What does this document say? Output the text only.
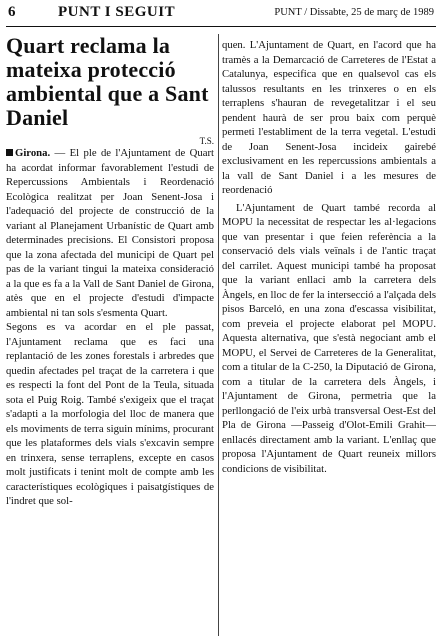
6	PUNT I SEGUIT	PUNT / Dissabte, 25 de març de 1989
Quart reclama la mateixa protecció ambiental que a Sant Daniel
T.S.

Girona. — El ple de l'Ajuntament de Quart ha acordat informar favorablement l'estudi de Repercussions Ambientals i Reordenació Ecològica realitzat per Joan Senent-Josa i l'adequació del projecte de construcció de la variant al Planejament Urbanístic de Quart amb determinades precisions. El Consistori proposa que la zona afectada del municipi de Quart pel pas de la variant tingui la mateixa consideració a la que es fa a la Vall de Sant Daniel de Girona, atès que en el projecte d'estudi d'impacte ambiental ni tan sols s'esmenta Quart.

Segons es va acordar en el ple passat, l'Ajuntament reclama que es faci una replantació de les zones forestals i arbredes que quedin afectades pel traçat de la carretera i que es respecti la font del Pont de la Teula, situada sota el Puig Roig. També s'exigeix que el traçat s'adapti a la morfologia del lloc de manera que els moviments de terra siguin mínims, procurant que les plataformes dels vials s'excavin sempre en trinxera, sense terraplens, excepte en casos molt justificats i tenint molt de compte amb les característiques ecològiques i paisatgístiques de l'indret que sol-

quen. L'Ajuntament de Quart, en l'acord que ha tramès a la Demarcació de Carreteres de l'Estat a Catalunya, especifica que en qualsevol cas els talussos resultants en les trinxeres o en els terraplens s'hauran de revegetalitzar i el seu pendent haurà de ser prou baix com perquè permeti l'establiment de la terra vegetal. L'estudi de Joan Senent-Josa incideix gairebé exclusivament en les repercussions ambientals a la vall de Sant Daniel i a les mesures de reordenació

L'Ajuntament de Quart també recorda al MOPU la necessitat de respectar les al·legacions que van presentar i que feien referència a la conservació dels vials veïnals i de l'antic traçat del carrilet. Aquest municipi també ha proposat que la variant enllaci amb la carretera dels Àngels, en lloc de fer la intersecció a l'alçada dels pisos Barceló, en una zona d'escassa visibilitat, com preveia el projecte elaborat pel MOPU. Aquesta alternativa, que s'està negociant amb el MOPU, el Servei de Carreteres de la Generalitat, com a titular de la C-250, la Diputació de Girona, com a titular de la carretera dels Àngels, i l'Ajuntament de Girona, permetria que la perllongació de l'eix urbà transversal Oest-Est del Pla de Girona —Passeig d'Olot-Emili Grahit— enllacés directament amb la variant. L'enllaç que proposa l'Ajuntament de Quart reuneix millors condicions de visibilitat.
